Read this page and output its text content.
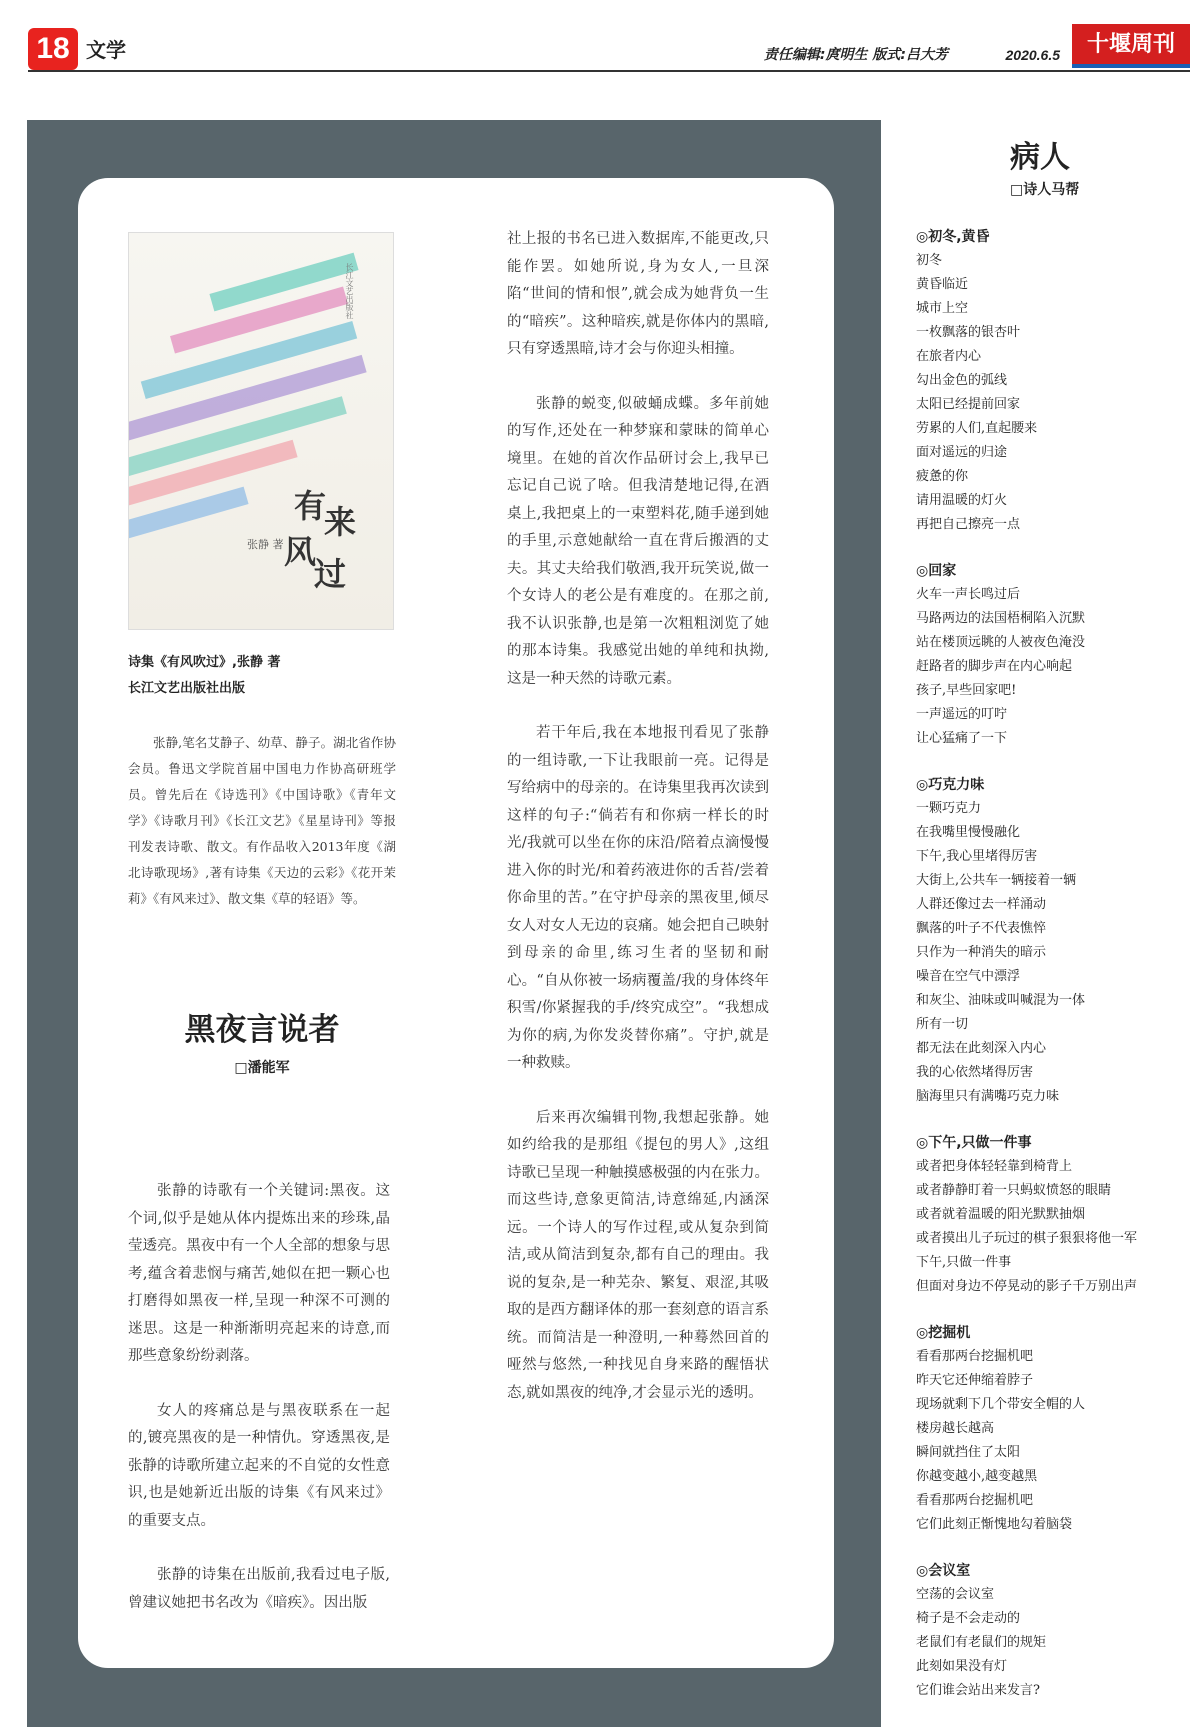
18 文学	责任编辑:庹明生 版式:吕大芳	2020.6.5	十堰周刊
长江文艺出版社
有
来
风
过
张静 著
诗集《有风吹过》,张静 著
长江文艺出版社出版

张静,笔名艾静子、幼草、静子。湖北省作协会员。鲁迅文学院首届中国电力作协高研班学员。曾先后在《诗选刊》《中国诗歌》《青年文学》《诗歌月刊》《长江文艺》《星星诗刊》等报刊发表诗歌、散文。有作品收入2013年度《湖北诗歌现场》,著有诗集《天边的云彩》《花开茉莉》《有风来过》、散文集《草的轻语》等。

黑夜言说者
□潘能军

张静的诗歌有一个关键词:黑夜。这个词,似乎是她从体内提炼出来的珍珠,晶莹透亮。黑夜中有一个人全部的想象与思考,蕴含着悲悯与痛苦,她似在把一颗心也打磨得如黑夜一样,呈现一种深不可测的迷思。这是一种渐渐明亮起来的诗意,而那些意象纷纷剥落。

女人的疼痛总是与黑夜联系在一起的,镀亮黑夜的是一种情仇。穿透黑夜,是张静的诗歌所建立起来的不自觉的女性意识,也是她新近出版的诗集《有风来过》的重要支点。

张静的诗集在出版前,我看过电子版,曾建议她把书名改为《暗疾》。因出版

社上报的书名已进入数据库,不能更改,只能作罢。如她所说,身为女人,一旦深陷“世间的情和恨”,就会成为她背负一生的“暗疾”。这种暗疾,就是你体内的黑暗,只有穿透黑暗,诗才会与你迎头相撞。

张静的蜕变,似破蛹成蝶。多年前她的写作,还处在一种梦寐和蒙昧的简单心境里。在她的首次作品研讨会上,我早已忘记自己说了啥。但我清楚地记得,在酒桌上,我把桌上的一束塑料花,随手递到她的手里,示意她献给一直在背后搬酒的丈夫。其丈夫给我们敬酒,我开玩笑说,做一个女诗人的老公是有难度的。在那之前,我不认识张静,也是第一次粗粗浏览了她的那本诗集。我感觉出她的单纯和执拗,这是一种天然的诗歌元素。

若干年后,我在本地报刊看见了张静的一组诗歌,一下让我眼前一亮。记得是写给病中的母亲的。在诗集里我再次读到这样的句子:“倘若有和你病一样长的时光/我就可以坐在你的床沿/陪着点滴慢慢进入你的时光/和着药液进你的舌苔/尝着你命里的苦。”在守护母亲的黑夜里,倾尽女人对女人无边的哀痛。她会把自己映射到母亲的命里,练习生者的坚韧和耐心。“自从你被一场病覆盖/我的身体终年积雪/你紧握我的手/终究成空”。“我想成为你的病,为你发炎替你痛”。守护,就是一种救赎。

后来再次编辑刊物,我想起张静。她如约给我的是那组《提包的男人》,这组诗歌已呈现一种触摸感极强的内在张力。而这些诗,意象更简洁,诗意绵延,内涵深远。一个诗人的写作过程,或从复杂到简洁,或从简洁到复杂,都有自己的理由。我说的复杂,是一种芜杂、繁复、艰涩,其吸取的是西方翻译体的那一套刻意的语言系统。而简洁是一种澄明,一种蓦然回首的哑然与悠然,一种找见自身来路的醒悟状态,就如黑夜的纯净,才会显示光的透明。

病人
□诗人马帮
◎初冬,黄昏
初冬
黄昏临近
城市上空
一枚飘落的银杏叶
在旅者内心
勾出金色的弧线
太阳已经提前回家
劳累的人们,直起腰来
面对遥远的归途
疲惫的你
请用温暖的灯火
再把自己擦亮一点
◎回家
火车一声长鸣过后
马路两边的法国梧桐陷入沉默
站在楼顶远眺的人被夜色淹没
赶路者的脚步声在内心响起
孩子,早些回家吧!
一声遥远的叮咛
让心猛痛了一下
◎巧克力味
一颗巧克力
在我嘴里慢慢融化
下午,我心里堵得厉害
大街上,公共车一辆接着一辆
人群还像过去一样涌动
飘落的叶子不代表憔悴
只作为一种消失的暗示
噪音在空气中漂浮
和灰尘、油味或叫喊混为一体
所有一切
都无法在此刻深入内心
我的心依然堵得厉害
脑海里只有满嘴巧克力味
◎下午,只做一件事
或者把身体轻轻靠到椅背上
或者静静盯着一只蚂蚁愤怒的眼睛
或者就着温暖的阳光默默抽烟
或者摸出儿子玩过的棋子狠狠将他一军
下午,只做一件事
但面对身边不停晃动的影子千万别出声
◎挖掘机
看看那两台挖掘机吧
昨天它还伸缩着脖子
现场就剩下几个带安全帽的人
楼房越长越高
瞬间就挡住了太阳
你越变越小,越变越黑
看看那两台挖掘机吧
它们此刻正惭愧地勾着脑袋
◎会议室
空荡的会议室
椅子是不会走动的
老鼠们有老鼠们的规矩
此刻如果没有灯
它们谁会站出来发言?
